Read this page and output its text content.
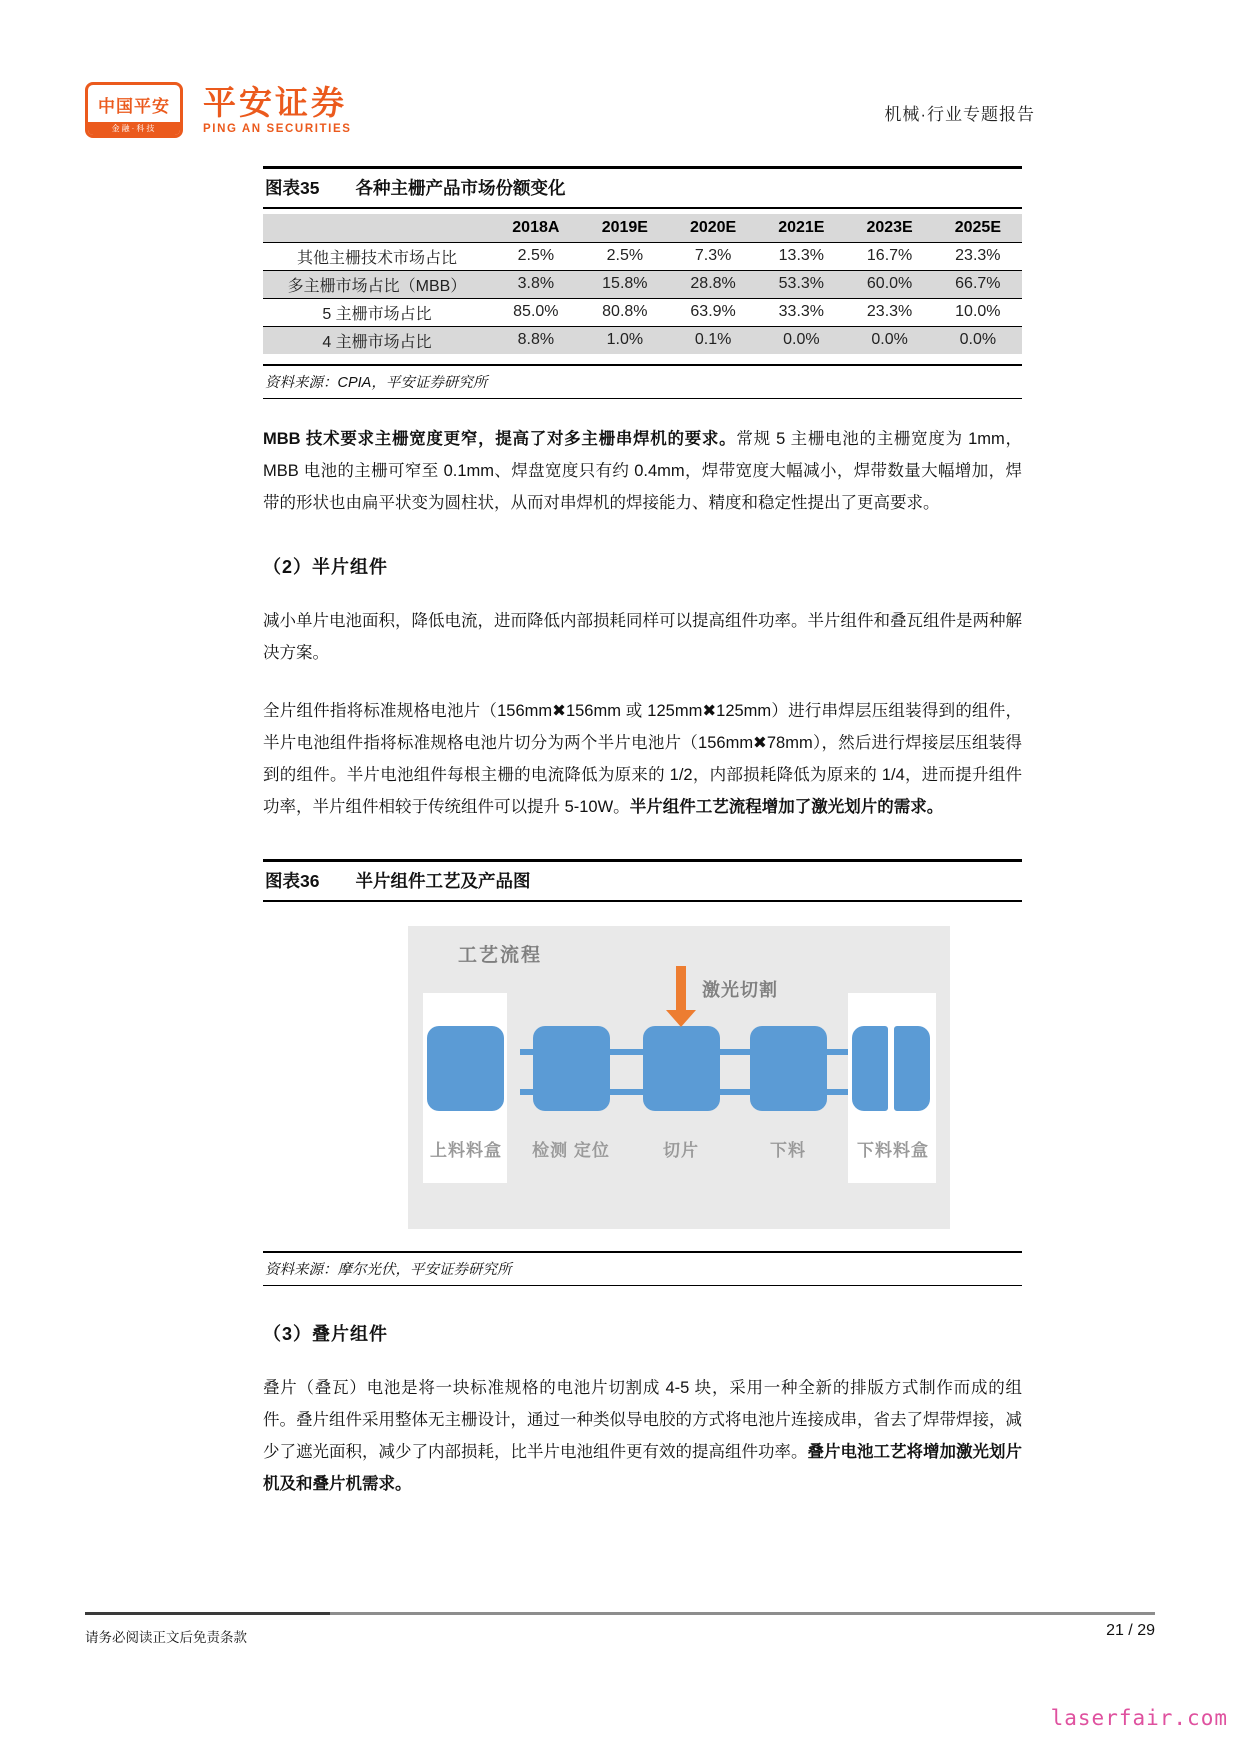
中国平安
金融·科技
平安证券
PING AN SECURITIES
机械·行业专题报告
图表35 各种主栅产品市场份额变化
	2018A	2019E	2020E	2021E	2023E	2025E
其他主栅技术市场占比	2.5%	2.5%	7.3%	13.3%	16.7%	23.3%
多主栅市场占比（MBB）	3.8%	15.8%	28.8%	53.3%	60.0%	66.7%
5 主栅市场占比	85.0%	80.8%	63.9%	33.3%	23.3%	10.0%
4 主栅市场占比	8.8%	1.0%	0.1%	0.0%	0.0%	0.0%
资料来源：CPIA，平安证券研究所

MBB 技术要求主栅宽度更窄，提高了对多主栅串焊机的要求。常规 5 主栅电池的主栅宽度为 1mm，MBB 电池的主栅可窄至 0.1mm、焊盘宽度只有约 0.4mm，焊带宽度大幅减小，焊带数量大幅增加，焊带的形状也由扁平状变为圆柱状，从而对串焊机的焊接能力、精度和稳定性提出了更高要求。

（2）半片组件

减小单片电池面积，降低电流，进而降低内部损耗同样可以提高组件功率。半片组件和叠瓦组件是两种解决方案。

全片组件指将标准规格电池片（156mm✖156mm 或 125mm✖125mm）进行串焊层压组装得到的组件，半片电池组件指将标准规格电池片切分为两个半片电池片（156mm✖78mm），然后进行焊接层压组装得到的组件。半片电池组件每根主栅的电流降低为原来的 1/2，内部损耗降低为原来的 1/4，进而提升组件功率，半片组件相较于传统组件可以提升 5-10W。半片组件工艺流程增加了激光划片的需求。

图表36 半片组件工艺及产品图
工艺流程
激光切割
上料料盒	检测 定位	切片	下料	下料料盒
资料来源：摩尔光伏，平安证券研究所
（3）叠片组件

叠片（叠瓦）电池是将一块标准规格的电池片切割成 4-5 块，采用一种全新的排版方式制作而成的组件。叠片组件采用整体无主栅设计，通过一种类似导电胶的方式将电池片连接成串，省去了焊带焊接，减少了遮光面积，减少了内部损耗，比半片电池组件更有效的提高组件功率。叠片电池工艺将增加激光划片机及和叠片机需求。

请务必阅读正文后免责条款	21 / 29
laserfair.com
